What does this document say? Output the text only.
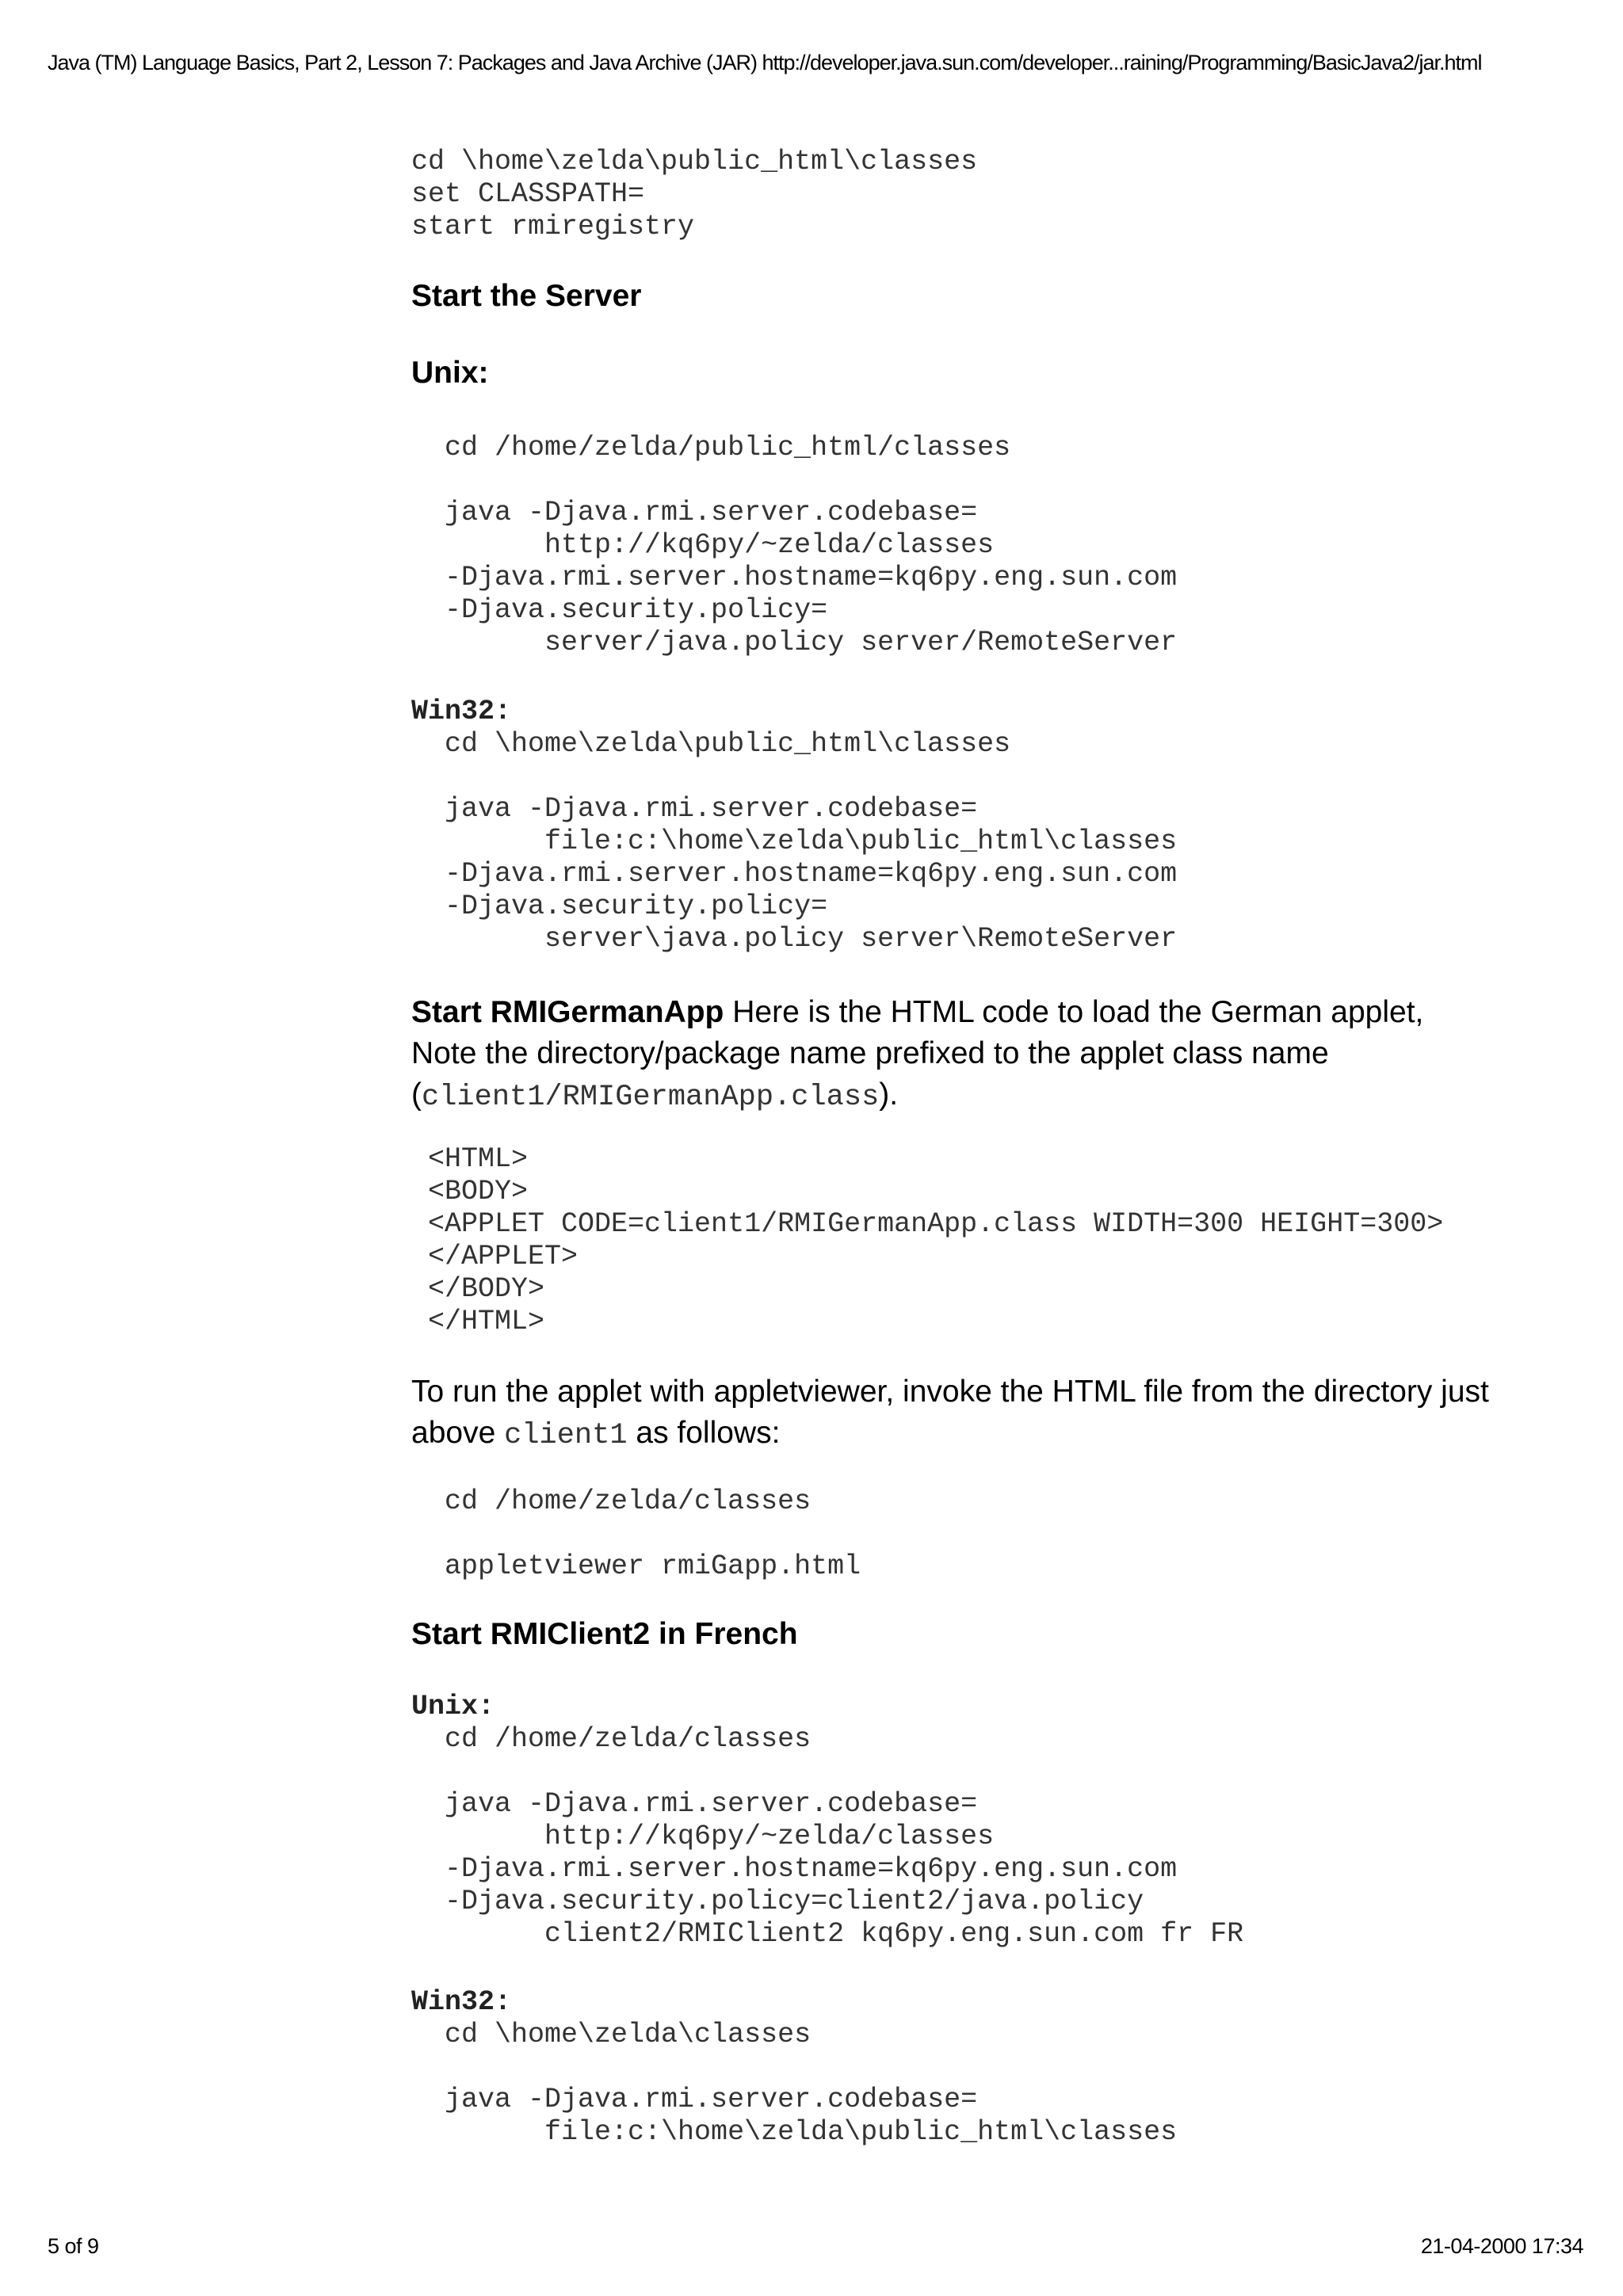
Java (TM) Language Basics, Part 2, Lesson 7: Packages and Java Archive (JAR) http://developer.java.sun.com/developer...raining/Programming/BasicJava2/jar.html
cd \home\zelda\public_html\classes
set CLASSPATH=
start rmiregistry
Start the Server
Unix:
cd /home/zelda/public_html/classes

java -Djava.rmi.server.codebase=
http://kq6py/~zelda/classes
-Djava.rmi.server.hostname=kq6py.eng.sun.com
-Djava.security.policy=
server/java.policy server/RemoteServer
Win32:
cd \home\zelda\public_html\classes

java -Djava.rmi.server.codebase=
file:c:\home\zelda\public_html\classes
-Djava.rmi.server.hostname=kq6py.eng.sun.com
-Djava.security.policy=
server\java.policy server\RemoteServer
Start RMIGermanApp Here is the HTML code to load the German applet, Note the directory/package name prefixed to the applet class name (client1/RMIGermanApp.class).
<HTML>
<BODY>
<APPLET CODE=client1/RMIGermanApp.class WIDTH=300 HEIGHT=300>
</APPLET>
</BODY>
</HTML>
To run the applet with appletviewer, invoke the HTML file from the directory just above client1 as follows:
cd /home/zelda/classes

appletviewer rmiGapp.html
Start RMIClient2 in French
Unix:
cd /home/zelda/classes

java -Djava.rmi.server.codebase=
http://kq6py/~zelda/classes
-Djava.rmi.server.hostname=kq6py.eng.sun.com
-Djava.security.policy=client2/java.policy
client2/RMIClient2 kq6py.eng.sun.com fr FR
Win32:
cd \home\zelda\classes

java -Djava.rmi.server.codebase=
file:c:\home\zelda\public_html\classes
5 of 9	21-04-2000 17:34
